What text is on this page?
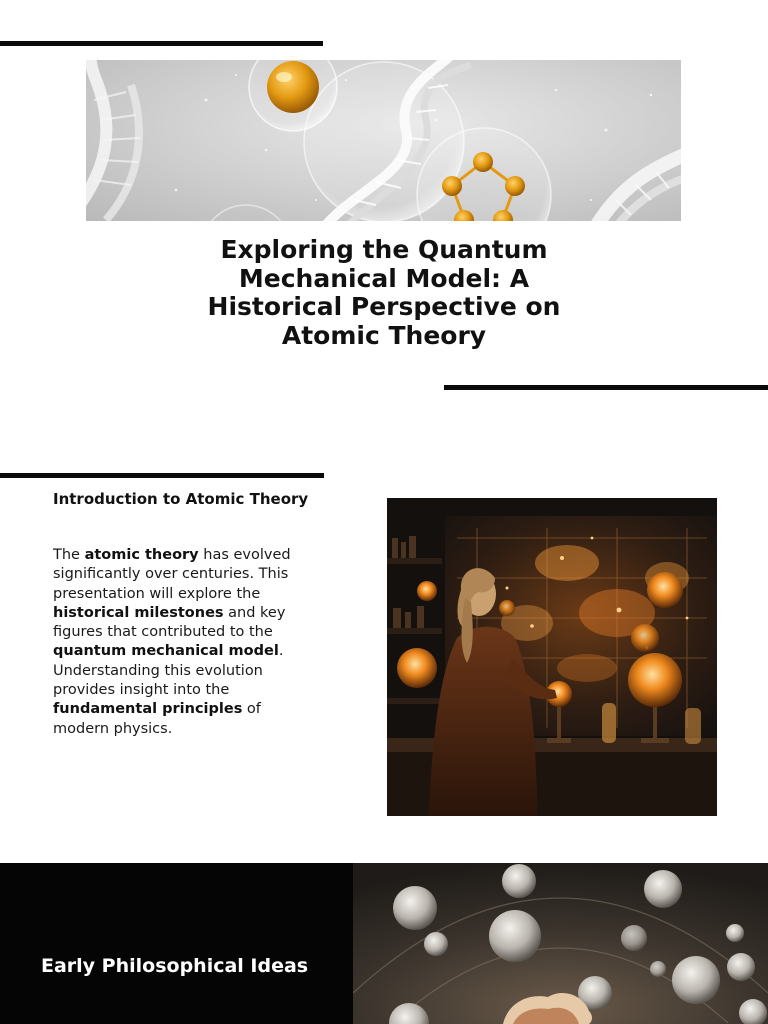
Exploring the Quantum
Mechanical Model: A
Historical Perspective on
Atomic Theory
Introduction to Atomic Theory

The atomic theory has evolved
significantly over centuries. This
presentation will explore the
historical milestones and key
figures that contributed to the
quantum mechanical model.
Understanding this evolution
provides insight into the
fundamental principles of
modern physics.

Early Philosophical Ideas
